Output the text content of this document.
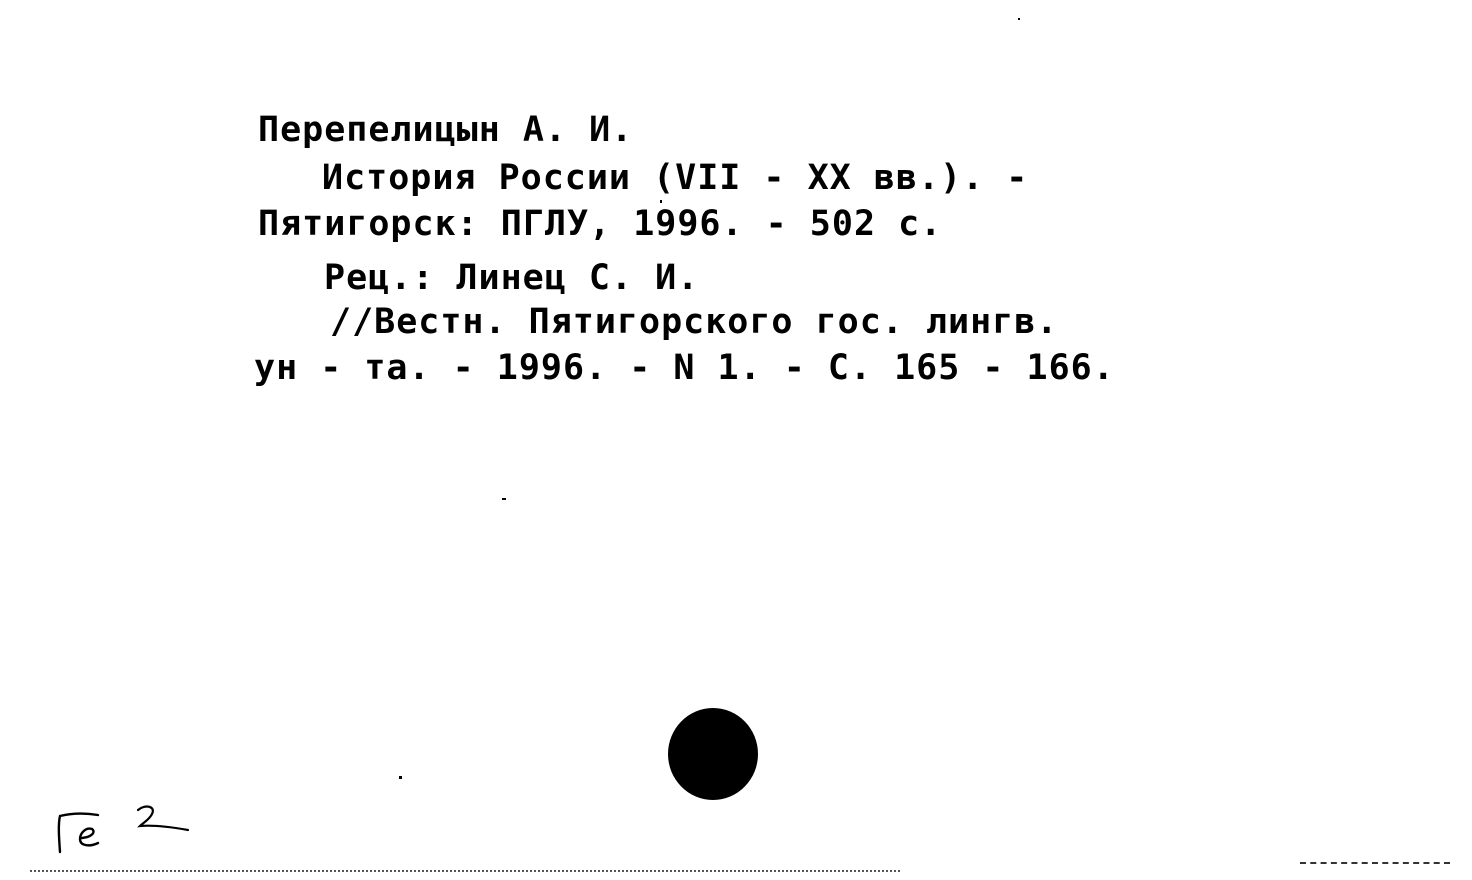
Перепелицын А. И.
История России (VII - XX вв.). -
Пятигорск: ПГЛУ, 1996. - 502 с.
Рец.: Линец С. И.
//Вестн. Пятигорского гос. лингв.
ун - та. - 1996. - N 1. - С. 165 - 166.
